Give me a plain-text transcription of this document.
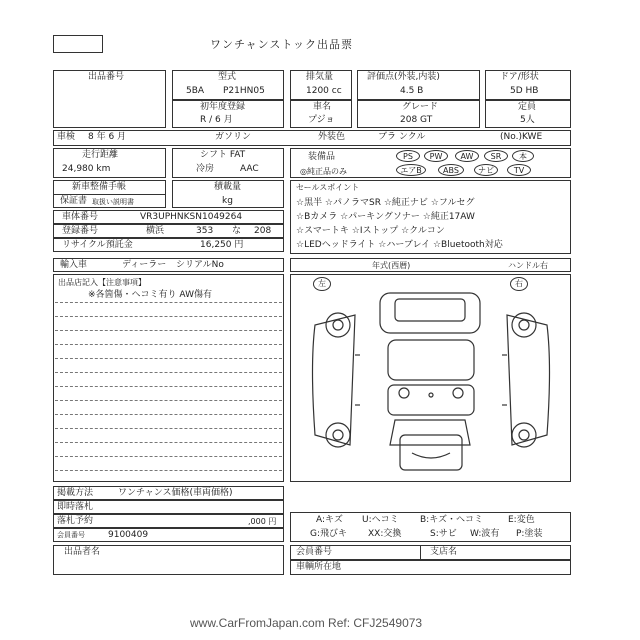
ワンチャンストック出品票
出品番号	型式
5BA P21HN05
排気量
1200 cc
評価点(外装,内装)
4.5 B
ドア/形状
5D HB
初年度登録
R / 6 月
車名
プジョ
グレード
208 GT
定員
5人
車検 8 年 6 月	ガソリン	外装色	ブラ ンクル	(No.)KWE
走行距離
24,980 km
シフト FAT
冷房	AAC
装備品	PS	PW	AW	SR	本
◎純正品のみ	エアB	ABS	ナビ	TV
新車整備手帳
保証書 取扱い説明書
積載量
kg
セールスポイント
☆黒半 ☆パノラマSR ☆純正ナビ ☆フルセグ
☆Bカメラ ☆パーキングソナー ☆純正17AW
☆スマートキ ☆Iストップ ☆クルコン
☆LEDヘッドライト ☆ハーブレイ ☆Bluetooth対応
車体番号	VR3UPHNKSN1049264
登録番号	横浜	353 な 208
リサイクル預託金	16,250 円
輸入車	ディーラー シリアルNo	年式(西暦)	ハンドル右
出品店記入【注意事項】
※各箇傷・ヘコミ有り AW傷有
左	右
掲載方法	ワンチャンス価格(車両価格)
即時落札
落札予約	,000 円
会員番号	9100409
A:キズ U:ヘコミ B:キズ・ヘコミ	E:変色
G:飛びキ XX:交換	S:サビ W:波有 P:塗装
出品者名	会員番号	支店名
車輌所在地
www.CarFromJapan.com Ref: CFJ2549073
